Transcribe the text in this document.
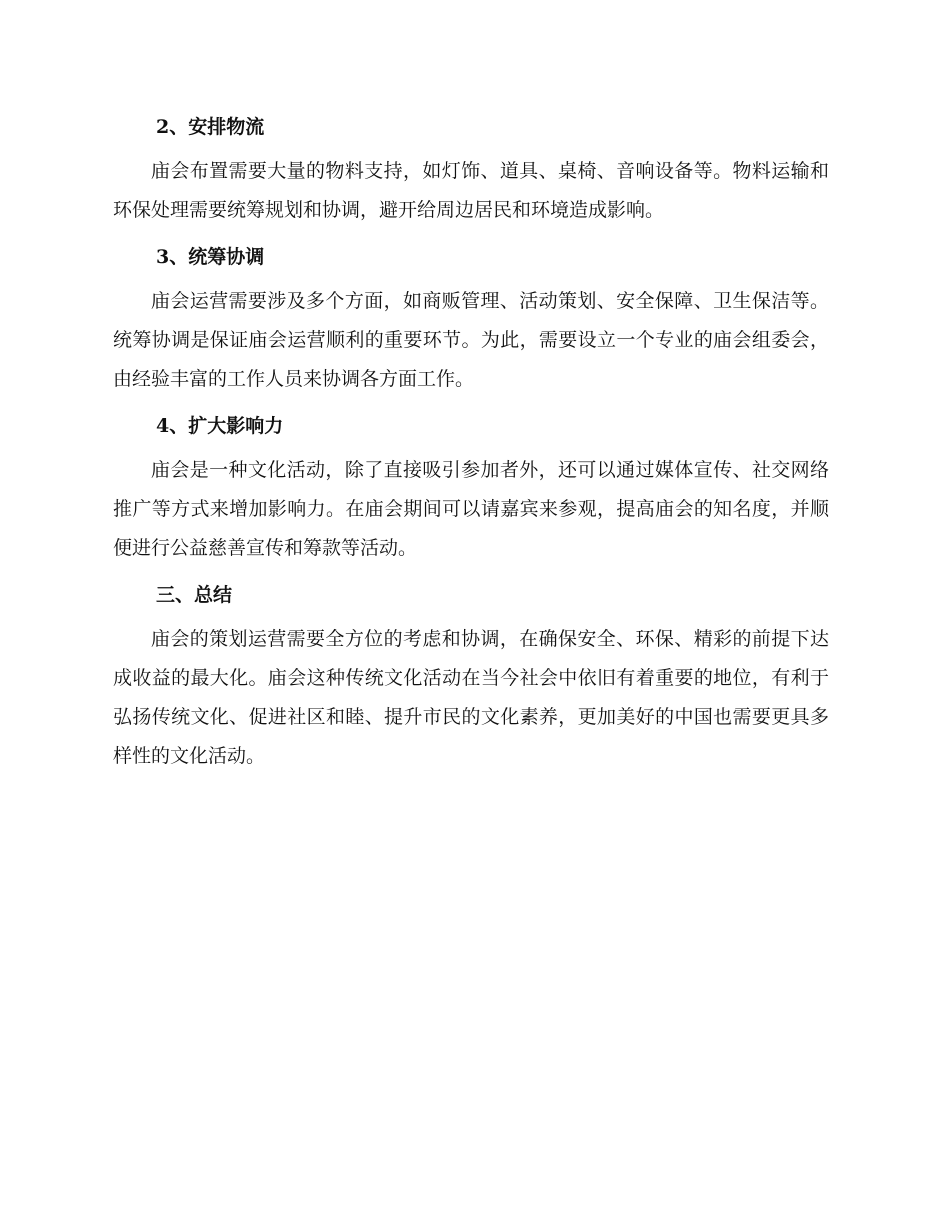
2、安排物流

庙会布置需要大量的物料支持，如灯饰、道具、桌椅、音响设备等。物料运输和环保处理需要统筹规划和协调，避开给周边居民和环境造成影响。

3、统筹协调

庙会运营需要涉及多个方面，如商贩管理、活动策划、安全保障、卫生保洁等。统筹协调是保证庙会运营顺利的重要环节。为此，需要设立一个专业的庙会组委会，由经验丰富的工作人员来协调各方面工作。

4、扩大影响力

庙会是一种文化活动，除了直接吸引参加者外，还可以通过媒体宣传、社交网络推广等方式来增加影响力。在庙会期间可以请嘉宾来参观，提高庙会的知名度，并顺便进行公益慈善宣传和筹款等活动。

三、总结

庙会的策划运营需要全方位的考虑和协调，在确保安全、环保、精彩的前提下达成收益的最大化。庙会这种传统文化活动在当今社会中依旧有着重要的地位，有利于弘扬传统文化、促进社区和睦、提升市民的文化素养，更加美好的中国也需要更具多样性的文化活动。
